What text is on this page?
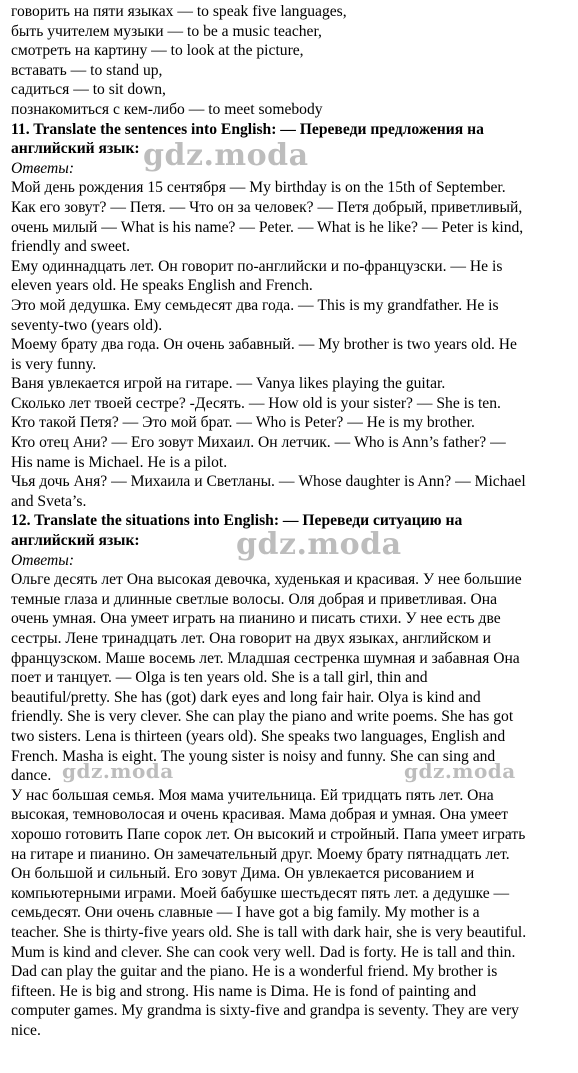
говорить на пяти языках — to speak five languages,
быть учителем музыки — to be a music teacher,
смотреть на картину — to look at the picture,
вставать — to stand up,
садиться — to sit down,
познакомиться с кем-либо — to meet somebody
11. Translate the sentences into English: — Переведи предложения на
английский язык:
Ответы:
Мой день рождения 15 сентября — My birthday is on the 15th of September.
Как его зовут? — Петя. — Что он за человек? — Петя добрый, приветливый,
очень милый — What is his name? — Peter. — What is he like? — Peter is kind,
friendly and sweet.
Ему одиннадцать лет. Он говорит по-английски и по-французски. — He is
eleven years old. He speaks English and French.
Это мой дедушка. Ему семьдесят два года. — This is my grandfather. He is
seventy-two (years old).
Моему брату два года. Он очень забавный. — My brother is two years old. He
is very funny.
Ваня увлекается игрой на гитаре. — Vanya likes playing the guitar.
Сколько лет твоей сестре? -Десять. — How old is your sister? — She is ten.
Кто такой Петя? — Это мой брат. — Who is Peter? — He is my brother.
Кто отец Ани? — Его зовут Михаил. Он летчик. — Who is Ann’s father? —
His name is Michael. He is a pilot.
Чья дочь Аня? — Михаила и Светланы. — Whose daughter is Ann? — Michael
and Sveta’s.
12. Translate the situations into English: — Переведи ситуацию на
английский язык:
Ответы:
Ольге десять лет Она высокая девочка, худенькая и красивая. У нее большие
темные глаза и длинные светлые волосы. Оля добрая и приветливая. Она
очень умная. Она умеет играть на пианино и писать стихи. У нее есть две
сестры. Лене тринадцать лет. Она говорит на двух языках, английском и
французском. Маше восемь лет. Младшая сестренка шумная и забавная Она
поет и танцует. — Olga is ten years old. She is a tall girl, thin and
beautiful/pretty. She has (got) dark eyes and long fair hair. Olya is kind and
friendly. She is very clever. She can play the piano and write poems. She has got
two sisters. Lena is thirteen (years old). She speaks two languages, English and
French. Masha is eight. The young sister is noisy and funny. She can sing and
dance.
У нас большая семья. Моя мама учительница. Ей тридцать пять лет. Она
высокая, темноволосая и очень красивая. Мама добрая и умная. Она умеет
хорошо готовить Папе сорок лет. Он высокий и стройный. Папа умеет играть
на гитаре и пианино. Он замечательный друг. Моему брату пятнадцать лет.
Он большой и сильный. Его зовут Дима. Он увлекается рисованием и
компьютерными играми. Моей бабушке шестьдесят пять лет. а дедушке —
семьдесят. Они очень славные — I have got a big family. My mother is a
teacher. She is thirty-five years old. She is tall with dark hair, she is very beautiful.
Mum is kind and clever. She can cook very well. Dad is forty. He is tall and thin.
Dad can play the guitar and the piano. He is a wonderful friend. My brother is
fifteen. He is big and strong. His name is Dima. He is fond of painting and
computer games. My grandma is sixty-five and grandpa is seventy. They are very
nice.
gdz.moda
gdz.moda
gdz.moda	gdz.moda
